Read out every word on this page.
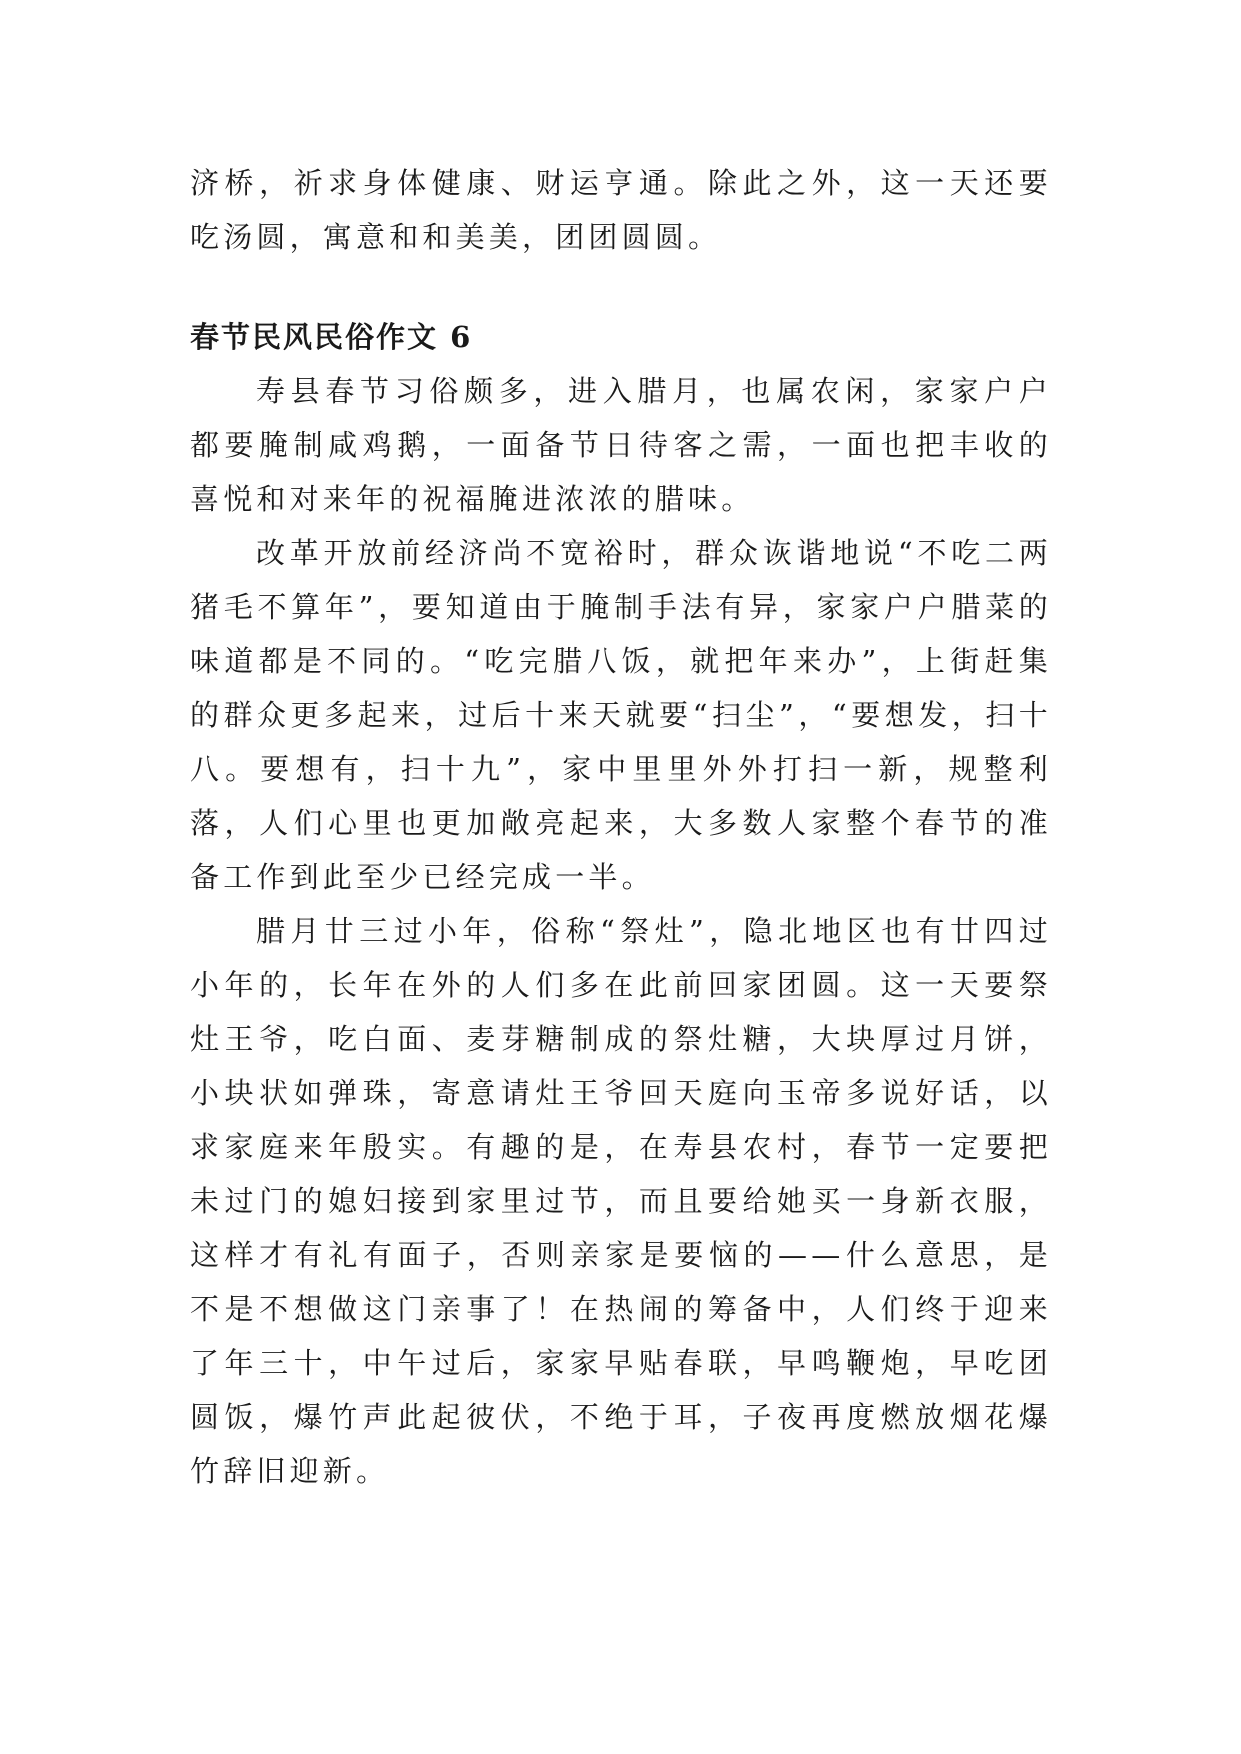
济桥，祈求身体健康、财运亨通。除此之外，这一天还要吃汤圆，寓意和和美美，团团圆圆。

春节民风民俗作文 6

寿县春节习俗颇多，进入腊月，也属农闲，家家户户都要腌制咸鸡鹅，一面备节日待客之需，一面也把丰收的喜悦和对来年的祝福腌进浓浓的腊味。

改革开放前经济尚不宽裕时，群众诙谐地说“不吃二两猪毛不算年”，要知道由于腌制手法有异，家家户户腊菜的味道都是不同的。“吃完腊八饭，就把年来办”，上街赶集的群众更多起来，过后十来天就要“扫尘”，“要想发，扫十八。要想有，扫十九”，家中里里外外打扫一新，规整利落，人们心里也更加敞亮起来，大多数人家整个春节的准备工作到此至少已经完成一半。

腊月廿三过小年，俗称“祭灶”，隐北地区也有廿四过小年的，长年在外的人们多在此前回家团圆。这一天要祭灶王爷，吃白面、麦芽糖制成的祭灶糖，大块厚过月饼，小块状如弹珠，寄意请灶王爷回天庭向玉帝多说好话，以求家庭来年殷实。有趣的是，在寿县农村，春节一定要把未过门的媳妇接到家里过节，而且要给她买一身新衣服，这样才有礼有面子，否则亲家是要恼的——什么意思，是不是不想做这门亲事了！在热闹的筹备中，人们终于迎来了年三十，中午过后，家家早贴春联，早鸣鞭炮，早吃团圆饭，爆竹声此起彼伏，不绝于耳，子夜再度燃放烟花爆竹辞旧迎新。
